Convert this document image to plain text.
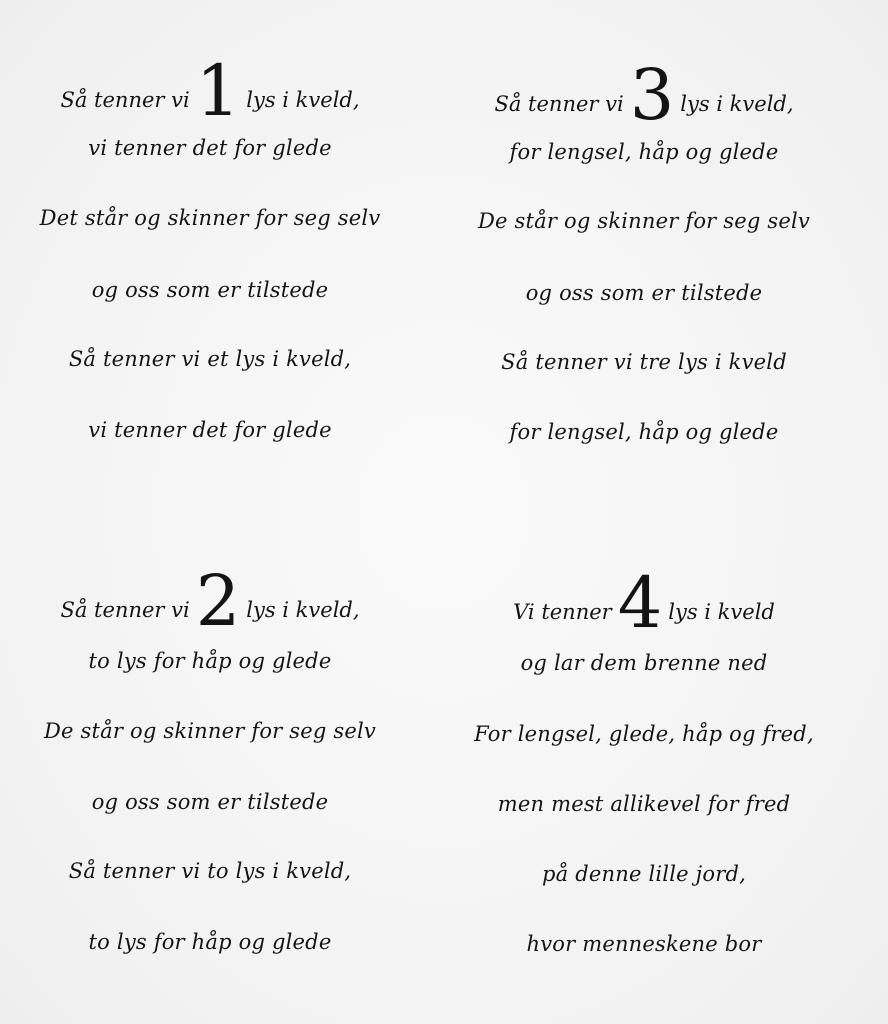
Så tenner vi1 lys i kveld,
vi tenner det for glede
Det står og skinner for seg selv
og oss som er tilstede
Så tenner vi et lys i kveld,
vi tenner det for glede
Så tenner vi3 lys i kveld,
for lengsel, håp og glede
De står og skinner for seg selv
og oss som er tilstede
Så tenner vi tre lys i kveld
for lengsel, håp og glede
Så tenner vi2 lys i kveld,
to lys for håp og glede
De står og skinner for seg selv
og oss som er tilstede
Så tenner vi to lys i kveld,
to lys for håp og glede
Vi tenner4 lys i kveld
og lar dem brenne ned
For lengsel, glede, håp og fred,
men mest allikevel for fred
på denne lille jord,
hvor menneskene bor
